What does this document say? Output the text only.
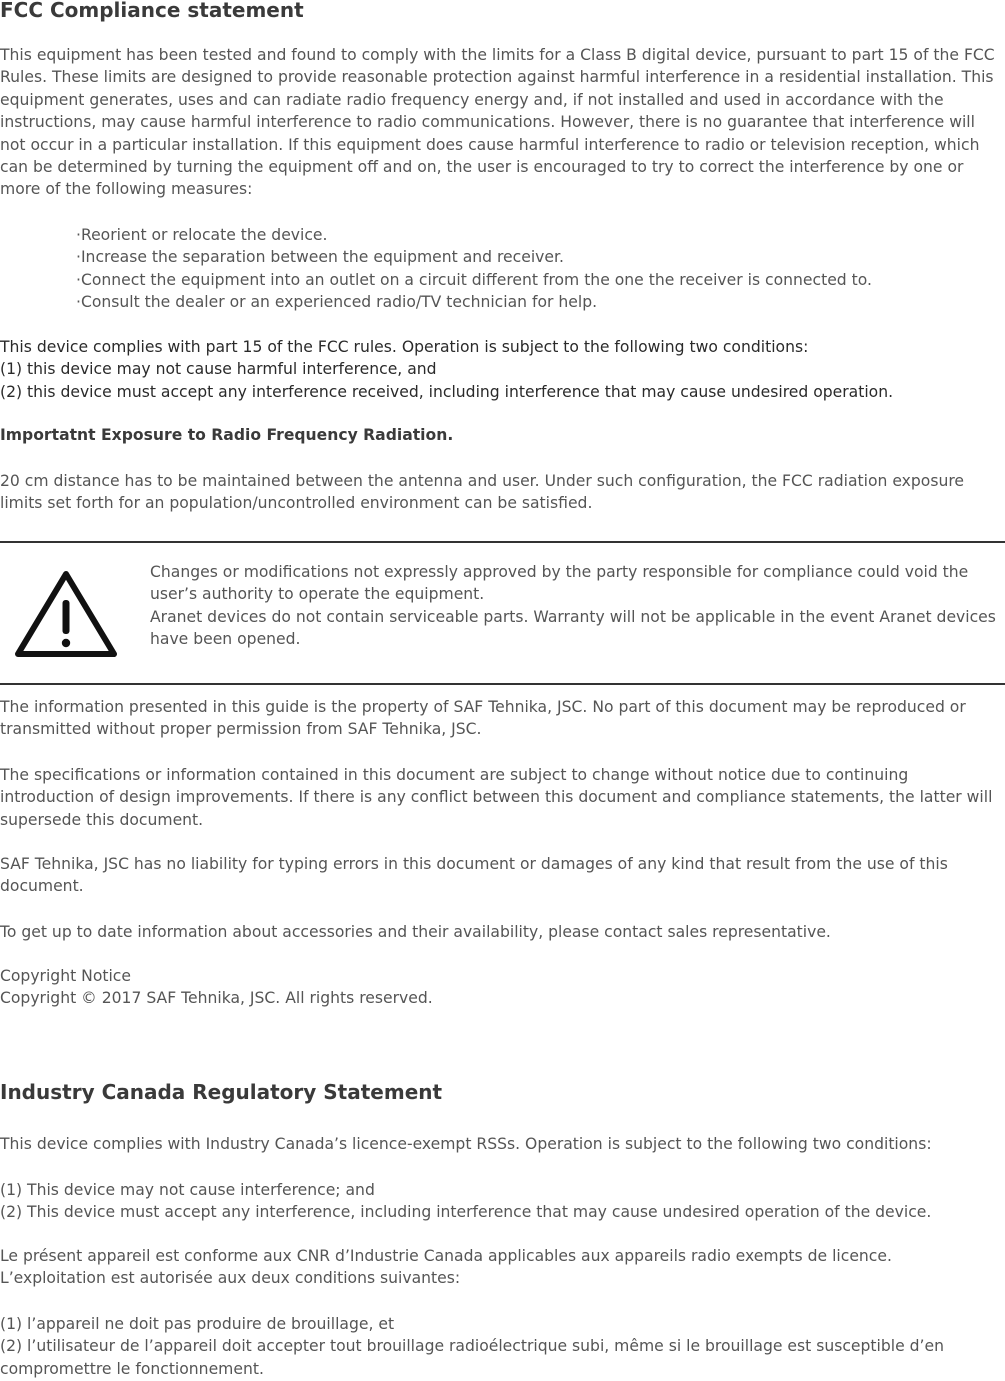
FCC Compliance statement

This equipment has been tested and found to comply with the limits for a Class B digital device, pursuant to part 15 of the FCC Rules. These limits are designed to provide reasonable protection against harmful interference in a residential installation. This equipment generates, uses and can radiate radio frequency energy and, if not installed and used in accordance with the instructions, may cause harmful interference to radio communications. However, there is no guarantee that interference will not occur in a particular installation. If this equipment does cause harmful interference to radio or television reception, which can be determined by turning the equipment off and on, the user is encouraged to try to correct the interference by one or more of the following measures:

·Reorient or relocate the device.
·Increase the separation between the equipment and receiver.
·Connect the equipment into an outlet on a circuit different from the one the receiver is connected to.
·Consult the dealer or an experienced radio/TV technician for help.
This device complies with part 15 of the FCC rules. Operation is subject to the following two conditions:
(1) this device may not cause harmful interference, and
(2) this device must accept any interference received, including interference that may cause undesired operation.
Importatnt Exposure to Radio Frequency Radiation.

20 cm distance has to be maintained between the antenna and user. Under such configuration, the FCC radiation exposure limits set forth for an population/uncontrolled environment can be satisfied.

Changes or modifications not expressly approved by the party responsible for compliance could void the user’s authority to operate the equipment.
Aranet devices do not contain serviceable parts. Warranty will not be applicable in the event Aranet devices have been opened.

The information presented in this guide is the property of SAF Tehnika, JSC. No part of this document may be reproduced or transmitted without proper permission from SAF Tehnika, JSC.

The specifications or information contained in this document are subject to change without notice due to continuing introduction of design improvements. If there is any conflict between this document and compliance statements, the latter will supersede this document.

SAF Tehnika, JSC has no liability for typing errors in this document or damages of any kind that result from the use of this document.

To get up to date information about accessories and their availability, please contact sales representative.

Copyright Notice
Copyright © 2017 SAF Tehnika, JSC. All rights reserved.
Industry Canada Regulatory Statement

This device complies with Industry Canada’s licence-exempt RSSs. Operation is subject to the following two conditions:

(1) This device may not cause interference; and
(2) This device must accept any interference, including interference that may cause undesired operation of the device.
Le présent appareil est conforme aux CNR d’Industrie Canada applicables aux appareils radio exempts de licence.
L’exploitation est autorisée aux deux conditions suivantes:
(1) l’appareil ne doit pas produire de brouillage, et
(2) l’utilisateur de l’appareil doit accepter tout brouillage radioélectrique subi, même si le brouillage est susceptible d’en compromettre le fonctionnement.
